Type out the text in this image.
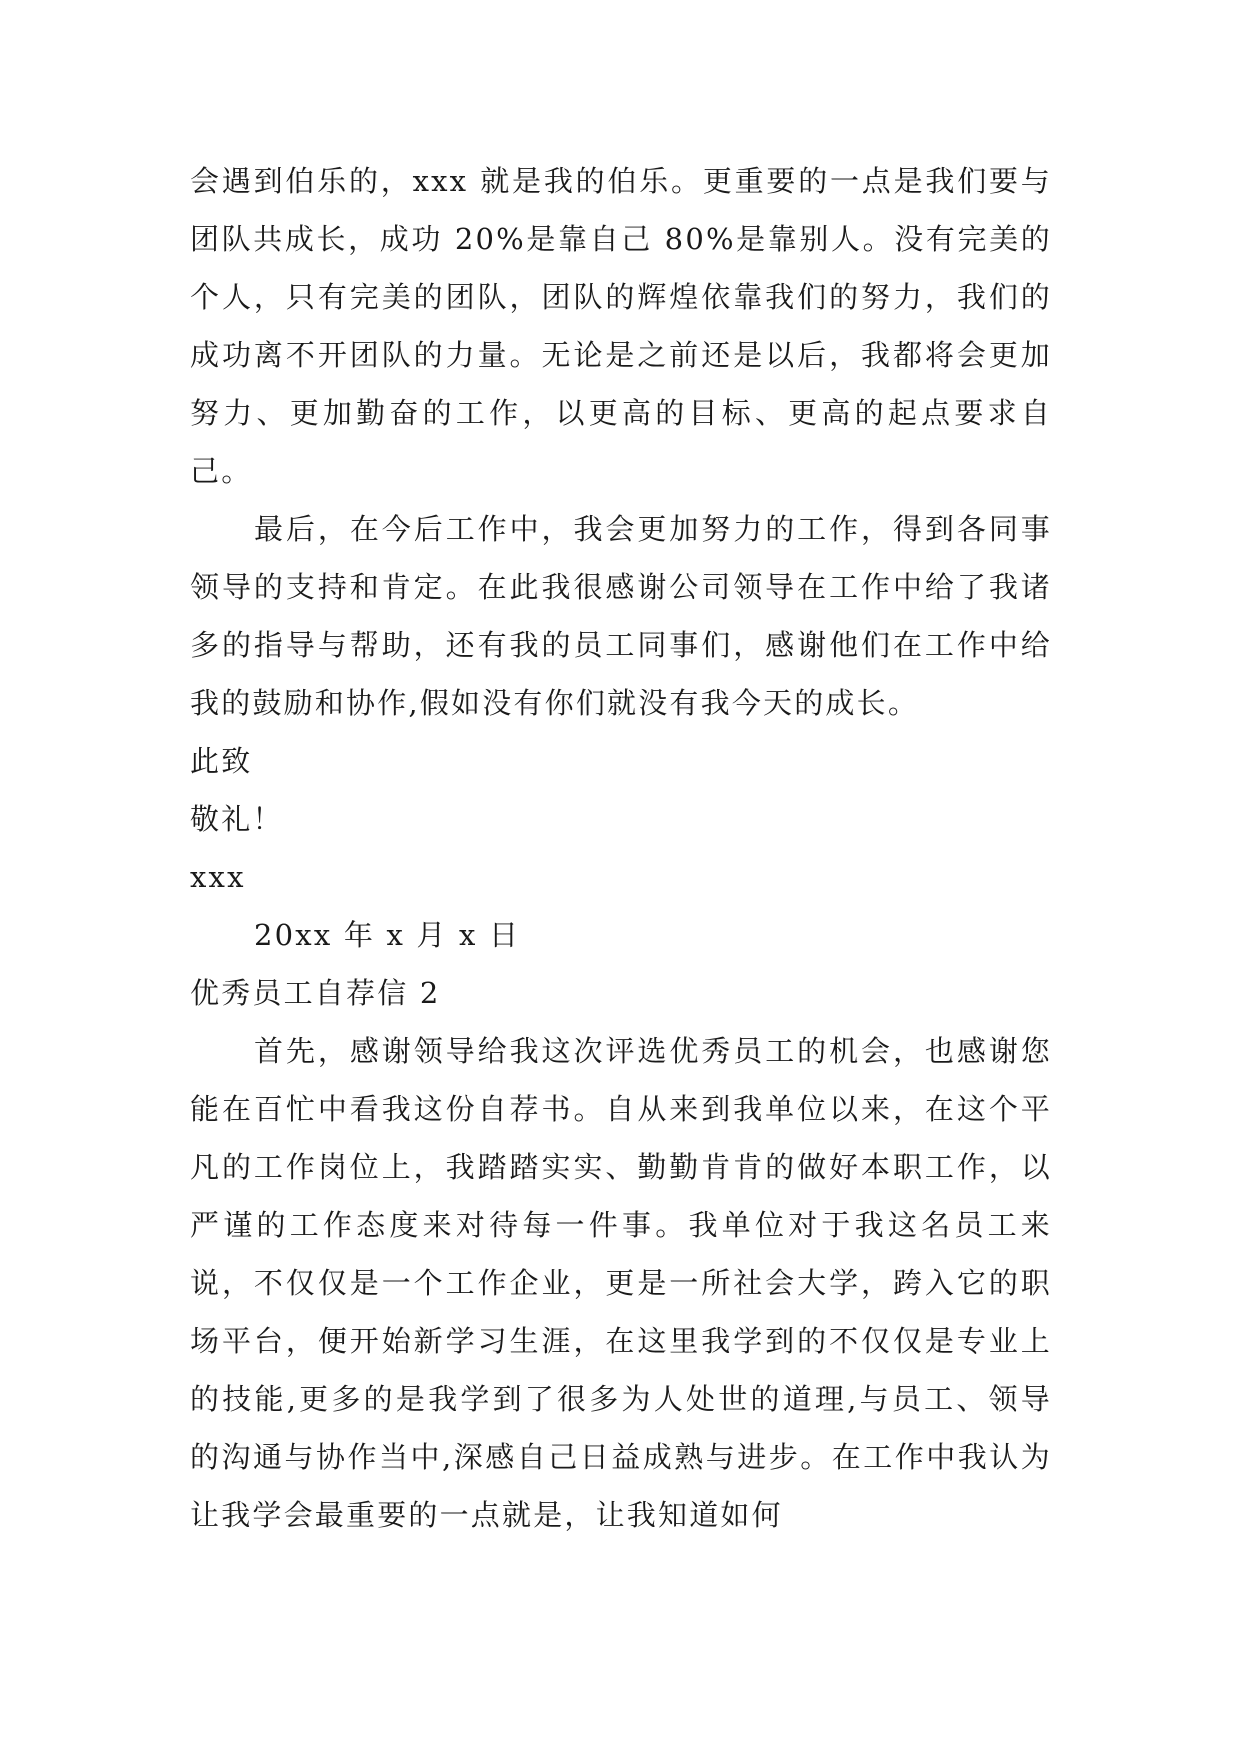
会遇到伯乐的，xxx 就是我的伯乐。更重要的一点是我们要与团队共成长，成功 20%是靠自己 80%是靠别人。没有完美的个人，只有完美的团队，团队的辉煌依靠我们的努力，我们的成功离不开团队的力量。无论是之前还是以后，我都将会更加努力、更加勤奋的工作，以更高的目标、更高的起点要求自己。

最后，在今后工作中，我会更加努力的工作，得到各同事领导的支持和肯定。在此我很感谢公司领导在工作中给了我诸多的指导与帮助，还有我的员工同事们，感谢他们在工作中给我的鼓励和协作,假如没有你们就没有我今天的成长。

此致

敬礼！

xxx

20xx 年 x 月 x 日

优秀员工自荐信 2

首先，感谢领导给我这次评选优秀员工的机会，也感谢您能在百忙中看我这份自荐书。自从来到我单位以来，在这个平凡的工作岗位上，我踏踏实实、勤勤肯肯的做好本职工作，以严谨的工作态度来对待每一件事。我单位对于我这名员工来说，不仅仅是一个工作企业，更是一所社会大学，跨入它的职场平台，便开始新学习生涯，在这里我学到的不仅仅是专业上的技能,更多的是我学到了很多为人处世的道理,与员工、领导的沟通与协作当中,深感自己日益成熟与进步。在工作中我认为让我学会最重要的一点就是，让我知道如何
